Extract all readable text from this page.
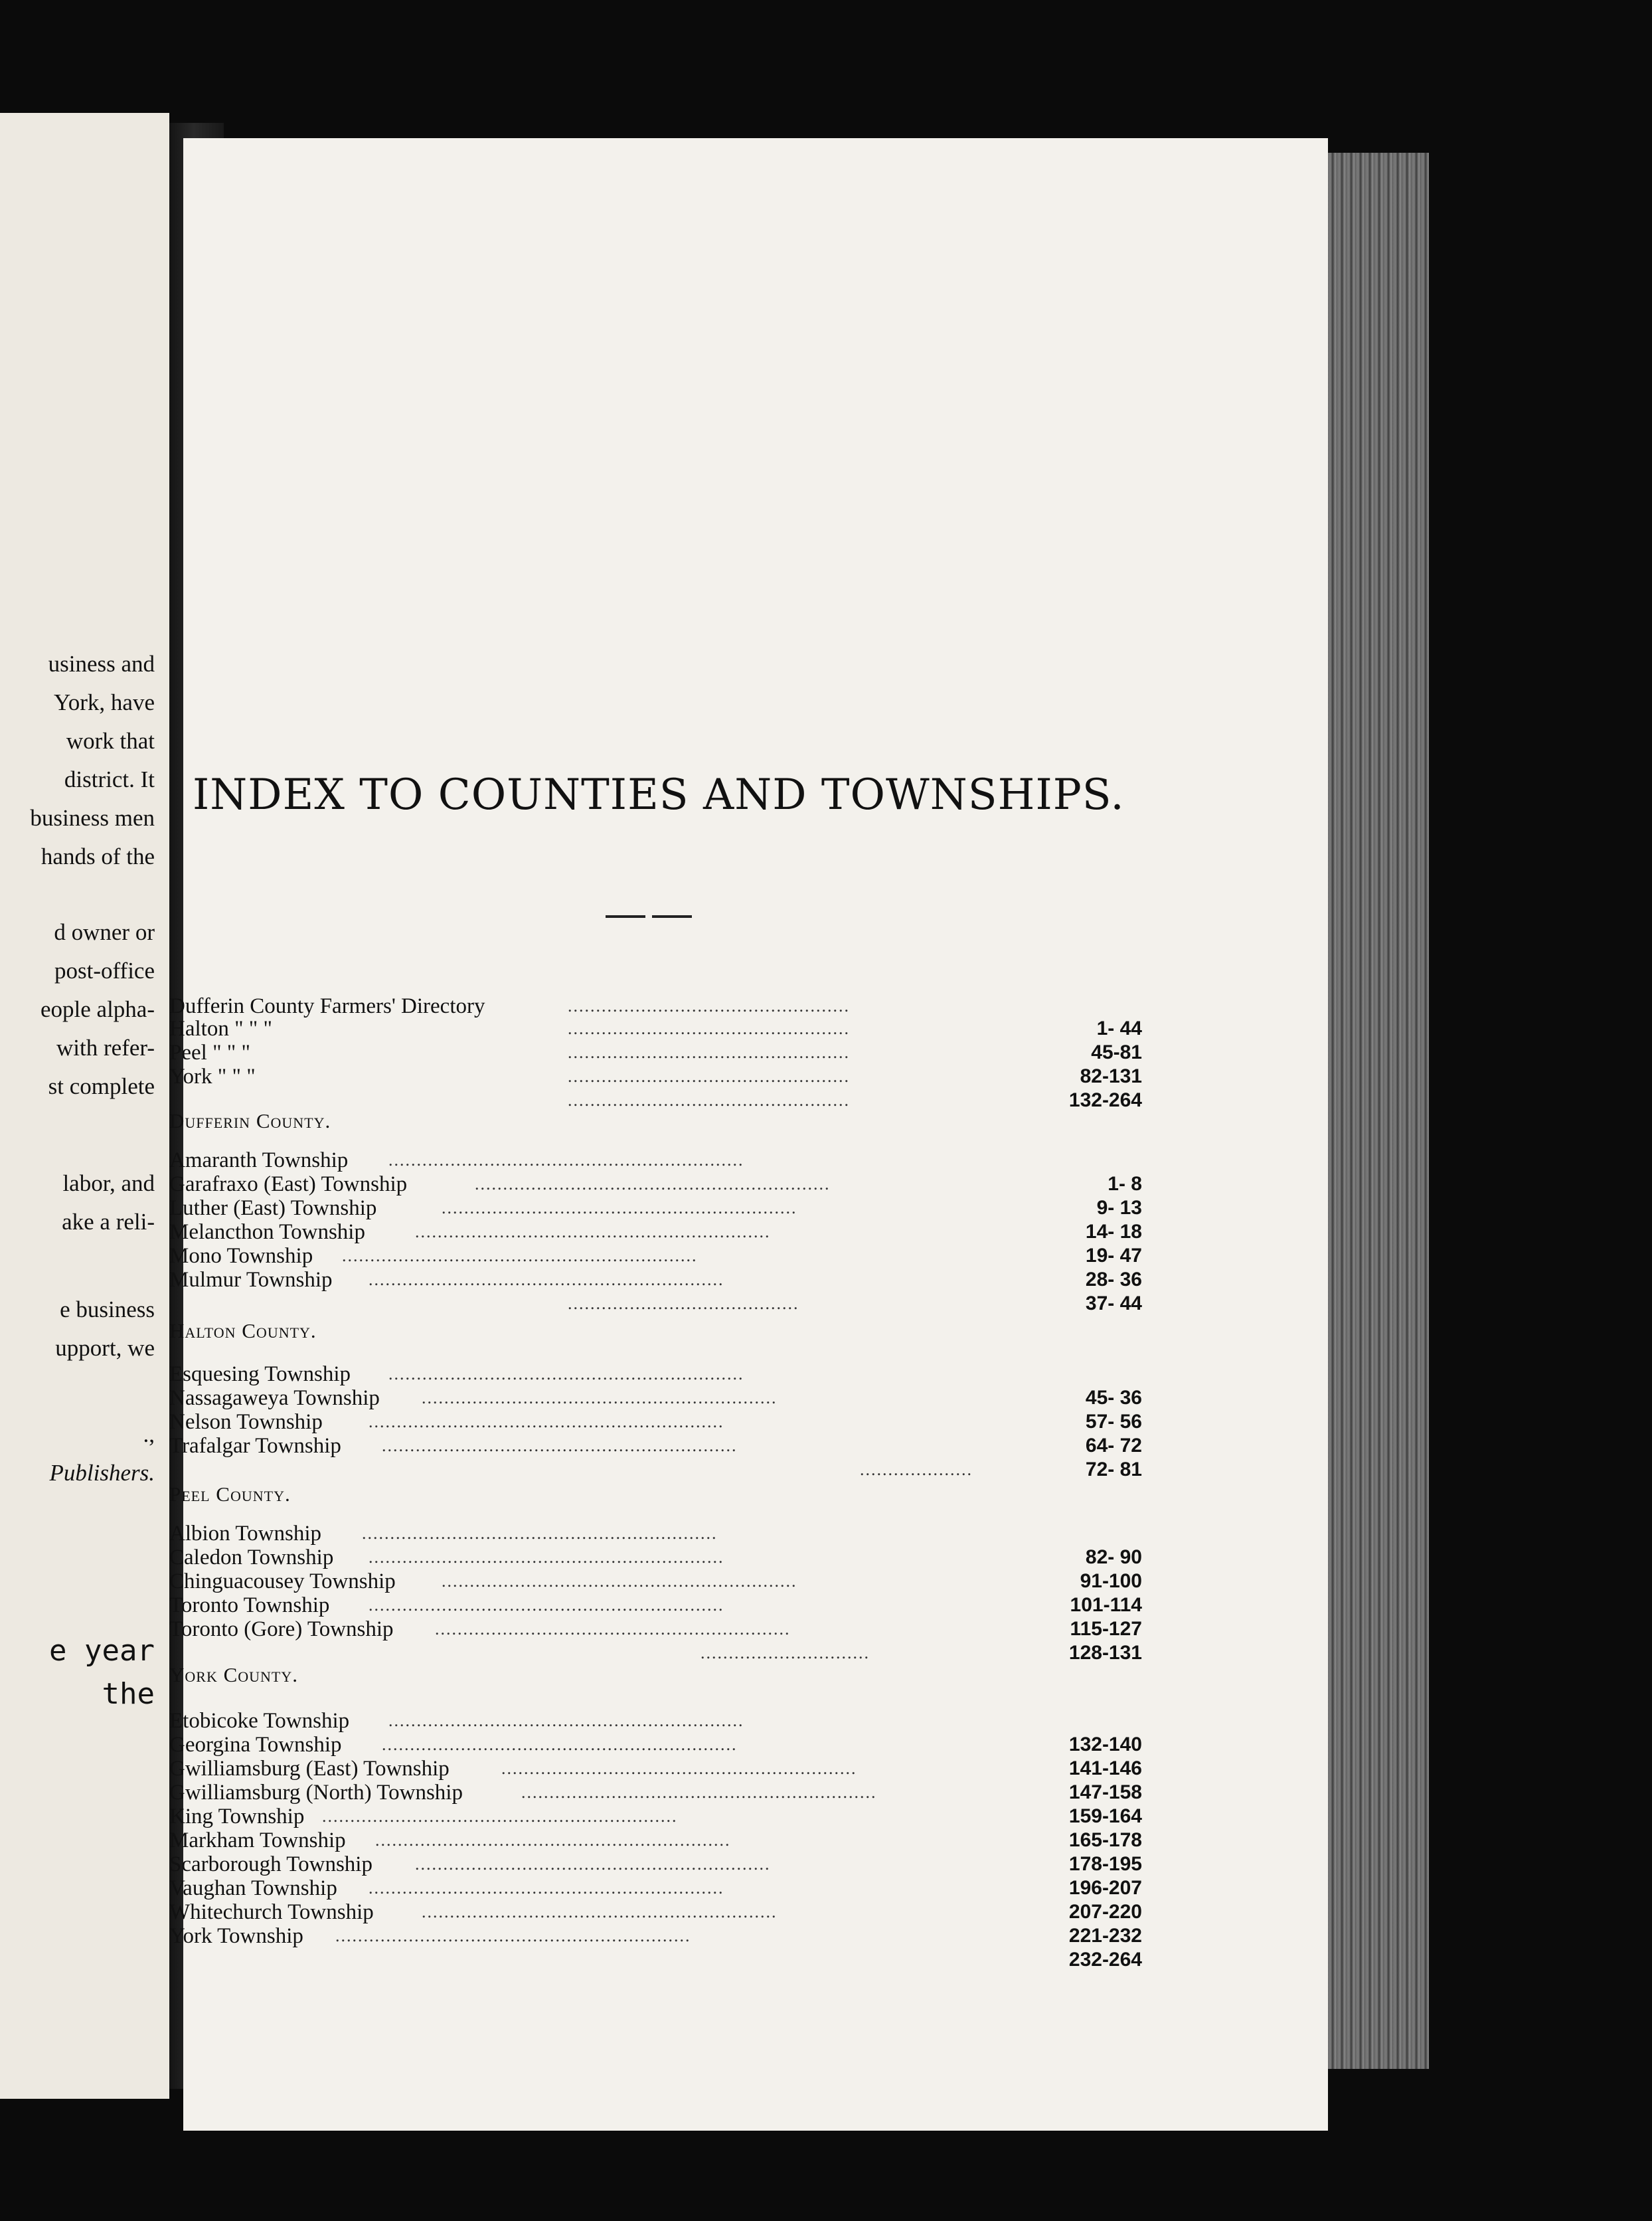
usiness and
York, have
work that
district. It
business men
hands of the
d owner or
post-office
eople alpha-
with refer-
st complete
labor, and
ake a reli-
e business
upport, we
.,
Publishers.
e year
the
INDEX TO COUNTIES AND TOWNSHIPS.
Dufferin County Farmers' Directory	..................................................
Halton " " "	..................................................	1- 44
Peel " " "	..................................................	45-81
York " " "	..................................................	82-131
..................................................	132-264
Dufferin County.
Amaranth Township ...............................................................
Garafraxo (East) Township	...............................................................	1- 8
Luther (East) Township	...............................................................	9- 13
Melancthon Township	...............................................................	14- 18
Mono Township ...............................................................	19- 47
Mulmur Township ...............................................................	28- 36
.........................................	37- 44
Halton County.
Esquesing Township ...............................................................
Nassagaweya Township ...............................................................	45- 36
Nelson Township	...............................................................	57- 56
Trafalgar Township ...............................................................	64- 72
....................	72- 81
Peel County.
Albion Township ...............................................................
Caledon Township ...............................................................	82- 90
Chinguacousey Township	...............................................................	91-100
Toronto Township ...............................................................	101-114
Toronto (Gore) Township ...............................................................	115-127
..............................	128-131
York County.
Etobicoke Township ...............................................................
Georgina Township ...............................................................	132-140
Gwilliamsburg (East) Township	...............................................................	141-146
Gwilliamsburg (North) Township	...............................................................	147-158
King Township ...............................................................	159-164
Markham Township ...............................................................	165-178
Scarborough Township ...............................................................	178-195
Vaughan Township ...............................................................	196-207
Whitechurch Township	...............................................................	207-220
York Township ...............................................................	221-232
232-264
